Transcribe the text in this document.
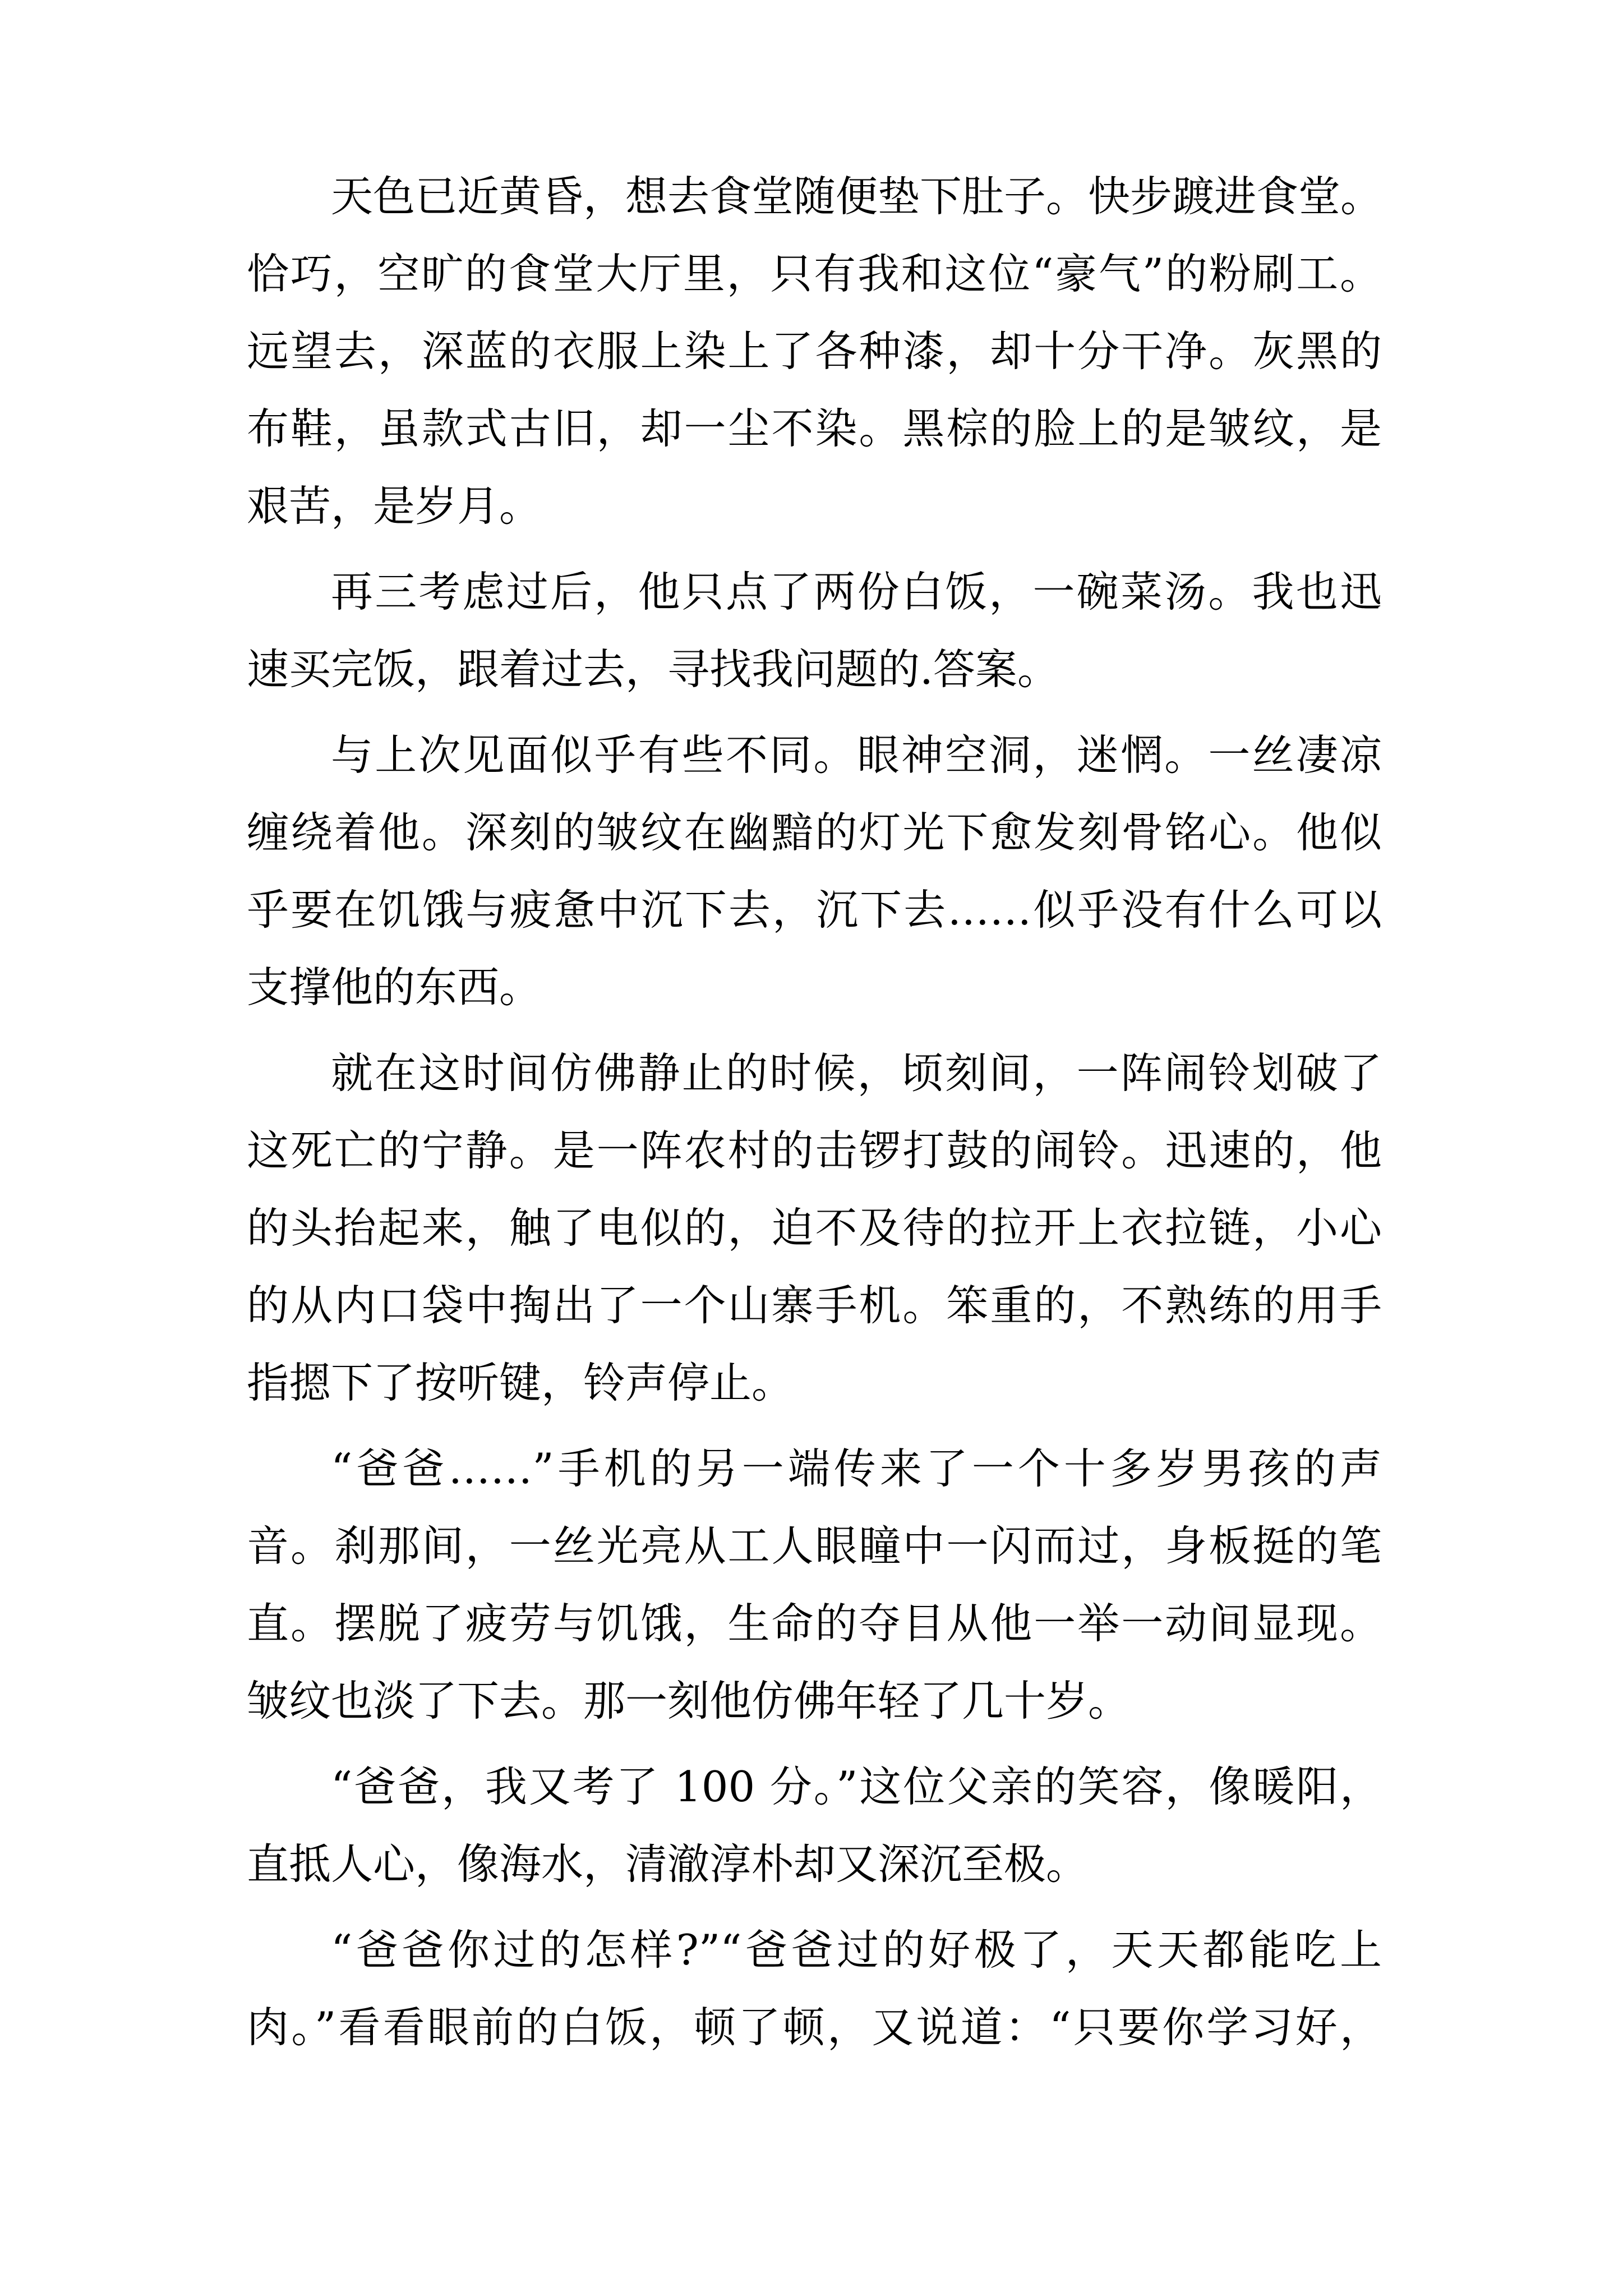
天色已近黄昏，想去食堂随便垫下肚子。快步踱进食堂。
恰巧，空旷的食堂大厅里，只有我和这位“豪气”的粉刷工。
远望去，深蓝的衣服上染上了各种漆，却十分干净。灰黑的
布鞋，虽款式古旧，却一尘不染。黑棕的脸上的是皱纹，是
艰苦，是岁月。
再三考虑过后，他只点了两份白饭，一碗菜汤。我也迅
速买完饭，跟着过去，寻找我问题的.答案。
与上次见面似乎有些不同。眼神空洞，迷惘。一丝凄凉
缠绕着他。深刻的皱纹在幽黯的灯光下愈发刻骨铭心。他似
乎要在饥饿与疲惫中沉下去，沉下去……似乎没有什么可以
支撑他的东西。
就在这时间仿佛静止的时候，顷刻间，一阵闹铃划破了
这死亡的宁静。是一阵农村的击锣打鼓的闹铃。迅速的，他
的头抬起来，触了电似的，迫不及待的拉开上衣拉链，小心
的从内口袋中掏出了一个山寨手机。笨重的，不熟练的用手
指摁下了按听键，铃声停止。
“爸爸……”手机的另一端传来了一个十多岁男孩的声
音。刹那间，一丝光亮从工人眼瞳中一闪而过，身板挺的笔
直。摆脱了疲劳与饥饿，生命的夺目从他一举一动间显现。
皱纹也淡了下去。那一刻他仿佛年轻了几十岁。
“爸爸，我又考了 100 分。”这位父亲的笑容，像暖阳，
直抵人心，像海水，清澈淳朴却又深沉至极。
“爸爸你过的怎样?”“爸爸过的好极了，天天都能吃上
肉。”看看眼前的白饭，顿了顿，又说道：“只要你学习好，
